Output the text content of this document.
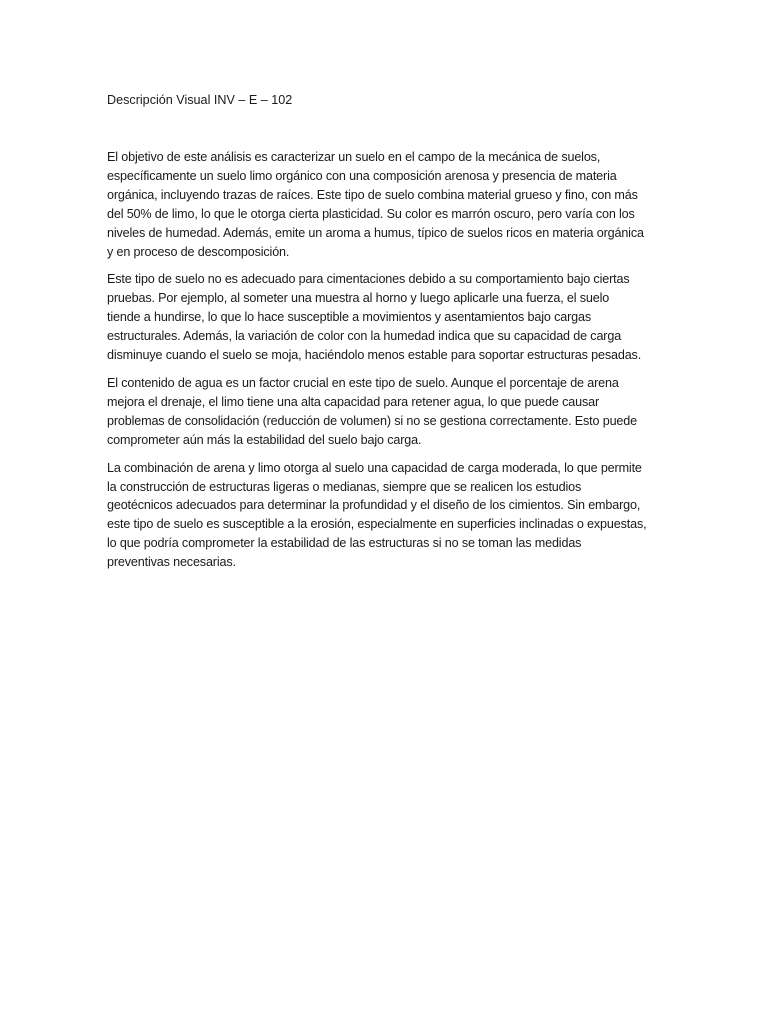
Descripción Visual INV – E – 102

El objetivo de este análisis es caracterizar un suelo en el campo de la mecánica de suelos,
específicamente un suelo limo orgánico con una composición arenosa y presencia de materia
orgánica, incluyendo trazas de raíces. Este tipo de suelo combina material grueso y fino, con más
del 50% de limo, lo que le otorga cierta plasticidad. Su color es marrón oscuro, pero varía con los
niveles de humedad. Además, emite un aroma a humus, típico de suelos ricos en materia orgánica
y en proceso de descomposición.

Este tipo de suelo no es adecuado para cimentaciones debido a su comportamiento bajo ciertas
pruebas. Por ejemplo, al someter una muestra al horno y luego aplicarle una fuerza, el suelo
tiende a hundirse, lo que lo hace susceptible a movimientos y asentamientos bajo cargas
estructurales. Además, la variación de color con la humedad indica que su capacidad de carga
disminuye cuando el suelo se moja, haciéndolo menos estable para soportar estructuras pesadas.

El contenido de agua es un factor crucial en este tipo de suelo. Aunque el porcentaje de arena
mejora el drenaje, el limo tiene una alta capacidad para retener agua, lo que puede causar
problemas de consolidación (reducción de volumen) si no se gestiona correctamente. Esto puede
comprometer aún más la estabilidad del suelo bajo carga.

La combinación de arena y limo otorga al suelo una capacidad de carga moderada, lo que permite
la construcción de estructuras ligeras o medianas, siempre que se realicen los estudios
geotécnicos adecuados para determinar la profundidad y el diseño de los cimientos. Sin embargo,
este tipo de suelo es susceptible a la erosión, especialmente en superficies inclinadas o expuestas,
lo que podría comprometer la estabilidad de las estructuras si no se toman las medidas
preventivas necesarias.
